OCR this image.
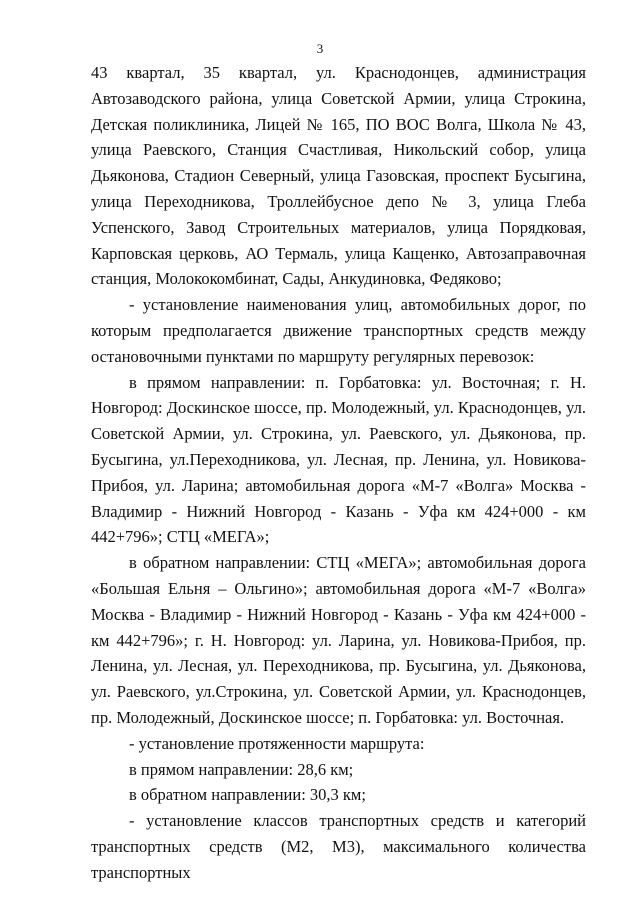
3

43 квартал, 35 квартал, ул. Краснодонцев, администрация Автозаводского района, улица Советской Армии, улица Строкина, Детская поликлиника, Лицей № 165, ПО ВОС Волга, Школа № 43, улица Раевского, Станция Счастливая, Никольский собор, улица Дьяконова, Стадион Северный, улица Газовская, проспект Бусыгина, улица Переходникова, Троллейбусное депо № 3, улица Глеба Успенского, Завод Строительных материалов, улица Порядковая, Карповская церковь, АО Термаль, улица Кащенко, Автозаправочная станция, Молококомбинат, Сады, Анкудиновка, Федяково;

- установление наименования улиц, автомобильных дорог, по которым предполагается движение транспортных средств между остановочными пунктами по маршруту регулярных перевозок:

в прямом направлении: п. Горбатовка: ул. Восточная; г. Н. Новгород: Доскинское шоссе, пр. Молодежный, ул. Краснодонцев, ул. Советской Армии, ул. Строкина, ул. Раевского, ул. Дьяконова, пр. Бусыгина, ул.Переходникова, ул. Лесная, пр. Ленина, ул. Новикова-Прибоя, ул. Ларина; автомобильная дорога «М-7 «Волга» Москва - Владимир - Нижний Новгород - Казань - Уфа км 424+000 - км 442+796»; СТЦ «МЕГА»;

в обратном направлении: СТЦ «МЕГА»; автомобильная дорога «Большая Ельня – Ольгино»; автомобильная дорога «М-7 «Волга» Москва - Владимир - Нижний Новгород - Казань - Уфа км 424+000 - км 442+796»; г. Н. Новгород: ул. Ларина, ул. Новикова-Прибоя, пр. Ленина, ул. Лесная, ул. Переходникова, пр. Бусыгина, ул. Дьяконова, ул. Раевского, ул.Строкина, ул. Советской Армии, ул. Краснодонцев, пр. Молодежный, Доскинское шоссе; п. Горбатовка: ул. Восточная.

- установление протяженности маршрута:

в прямом направлении: 28,6 км;

в обратном направлении: 30,3 км;

- установление классов транспортных средств и категорий транспортных средств (М2, М3), максимального количества транспортных
